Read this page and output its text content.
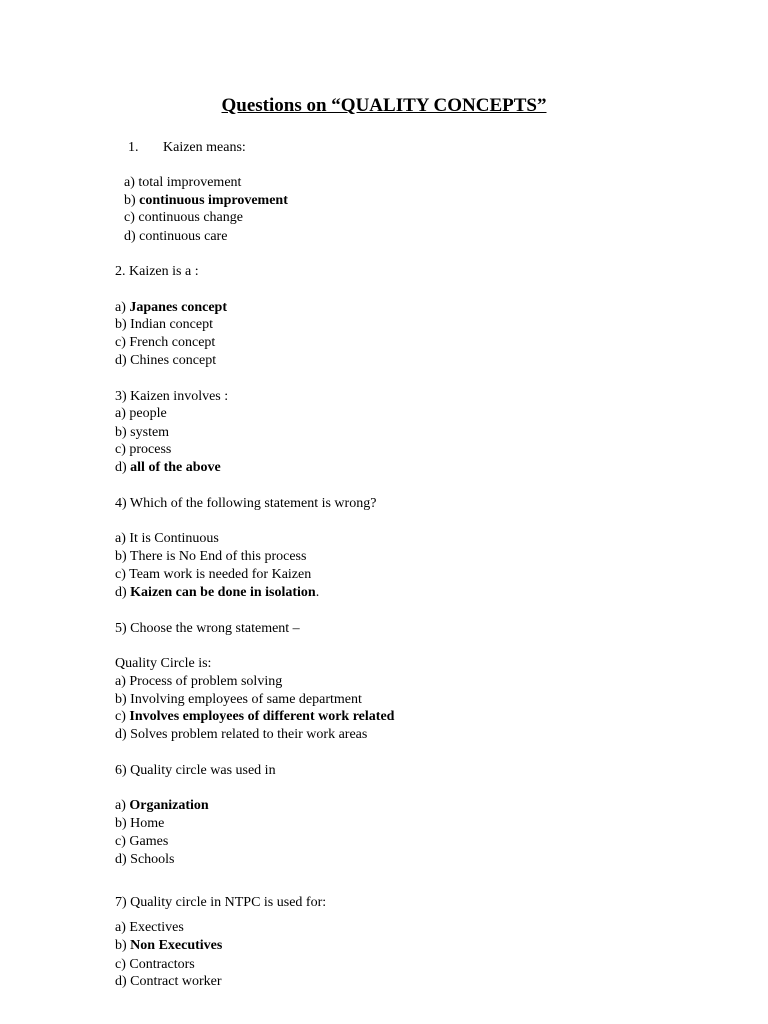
Questions on “QUALITY CONCEPTS”
1. Kaizen means:
a) total improvement
b) continuous improvement
c) continuous change
d) continuous care
2. Kaizen is a :
a) Japanes concept
b) Indian concept
c) French concept
d) Chines concept
3) Kaizen involves :
a) people
b) system
c) process
d) all of the above
4) Which of the following statement is wrong?
a) It is Continuous
b) There is No End of this process
c) Team work is needed for Kaizen
d) Kaizen can be done in isolation.
5) Choose the wrong statement –
Quality Circle is:
a) Process of problem solving
b) Involving employees of same department
c) Involves employees of different work related
d) Solves problem related to their work areas
6) Quality circle was used in
a) Organization
b) Home
c) Games
d) Schools
7) Quality circle in NTPC is used for:
a) Exectives
b) Non Executives
c) Contractors
d) Contract worker
